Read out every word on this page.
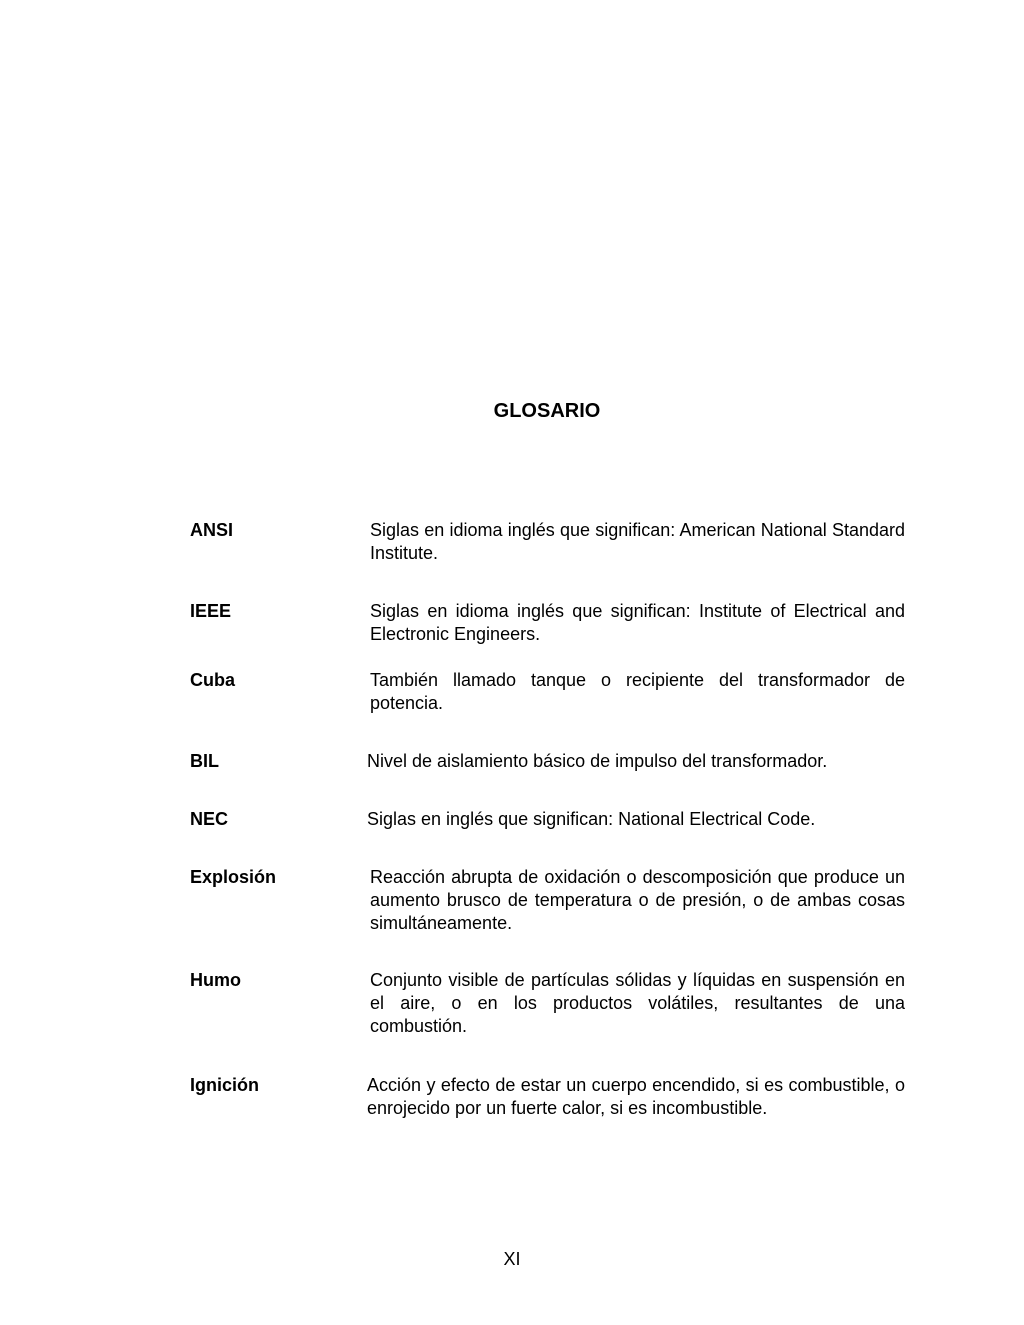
GLOSARIO
ANSI	Siglas en idioma inglés que significan: American National Standard Institute.
IEEE	Siglas en idioma inglés que significan: Institute of Electrical and Electronic Engineers.
Cuba	También llamado tanque o recipiente del transformador de potencia.
BIL	Nivel de aislamiento básico de impulso del transformador.
NEC	Siglas en inglés que significan: National Electrical Code.
Explosión	Reacción abrupta de oxidación o descomposición que produce un aumento brusco de temperatura o de presión, o de ambas cosas simultáneamente.
Humo	Conjunto visible de partículas sólidas y líquidas en suspensión en el aire, o en los productos volátiles, resultantes de una combustión.
Ignición	Acción y efecto de estar un cuerpo encendido, si es combustible, o enrojecido por un fuerte calor, si es incombustible.

XI
